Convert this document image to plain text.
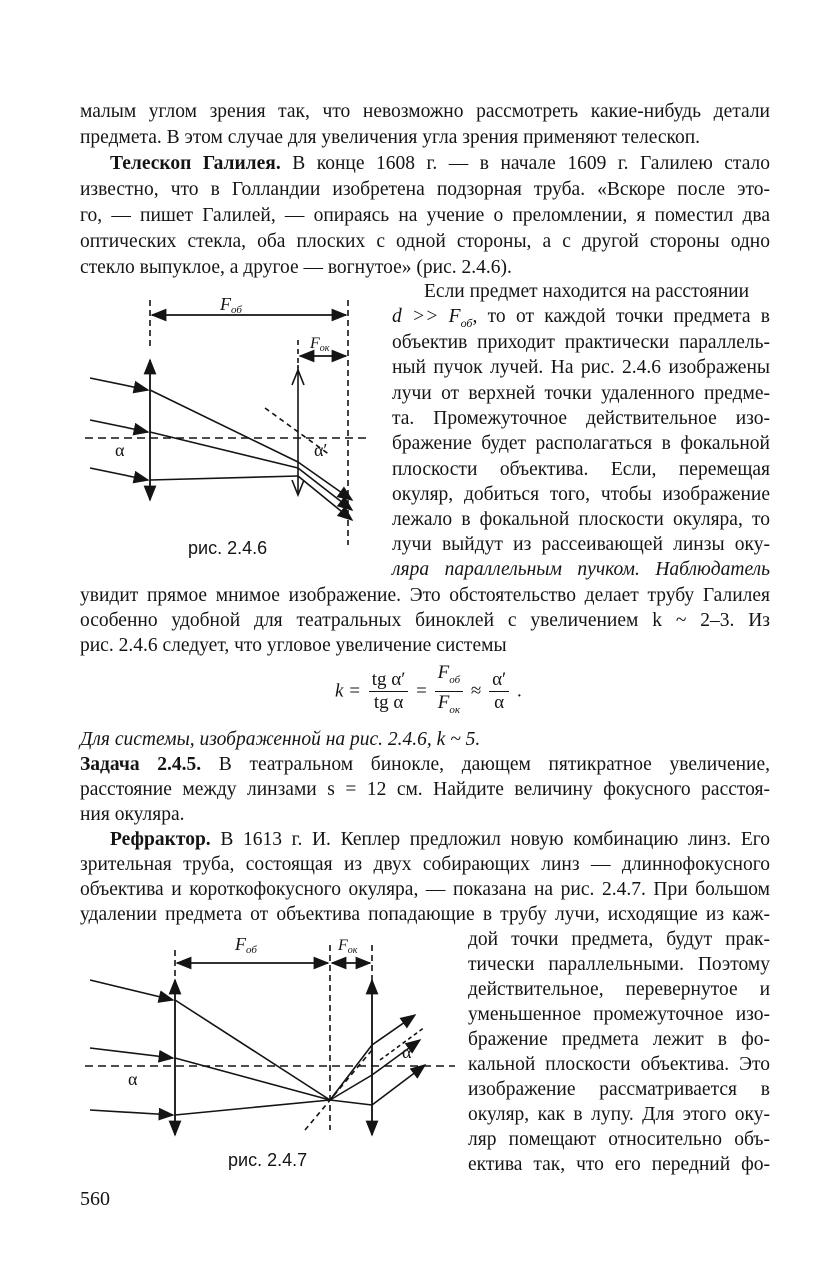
малым углом зрения так, что невозможно рассмотреть какие-нибудь детали
предмета. В этом случае для увеличения угла зрения применяют телескоп.
Телескоп Галилея. В конце 1608 г. — в начале 1609 г. Галилею стало
известно, что в Голландии изобретена подзорная труба. «Вскоре после это-
го, — пишет Галилей, — опираясь на учение о преломлении, я поместил два
оптических стекла, оба плоских с одной стороны, а с другой стороны одно
стекло выпуклое, а другое — вогнутое» (рис. 2.4.6).
Если предмет находится на расстоянии
$d >> F_{об}$, то от каждой точки предмета в
объектив приходит практически параллель-
ный пучок лучей. На рис. 2.4.6 изображены
лучи от верхней точки удаленного предме-
та. Промежуточное действительное изо-
бражение будет располагаться в фокальной
плоскости объектива. Если, перемещая
окуляр, добиться того, чтобы изображение
лежало в фокальной плоскости окуляра, то
лучи выйдут из рассеивающей линзы оку-
ляра параллельным пучком. Наблюдатель
Fоб
Fок
α	α′
рис. 2.4.6
увидит прямое мнимое изображение. Это обстоятельство делает трубу Галилея
особенно удобной для театральных биноклей с увеличением k ~ 2–3. Из
рис. 2.4.6 следует, что угловое увеличение системы
$k = \frac{\text{tg α′}}{\text{tg α}} = \frac{F_{об}}{F_{ок}} \approx \frac{\alpha'}{\alpha}$ .
Для системы, изображенной на рис. 2.4.6, k ~ 5.
Задача 2.4.5. В театральном бинокле, дающем пятикратное увеличение,
расстояние между линзами s = 12 см. Найдите величину фокусного расстоя-
ния окуляра.
Рефрактор. В 1613 г. И. Кеплер предложил новую комбинацию линз. Его
зрительная труба, состоящая из двух собирающих линз — длиннофокусного
объектива и короткофокусного окуляра, — показана на рис. 2.4.7. При большом
удалении предмета от объектива попадающие в трубу лучи, исходящие из каж-
дой точки предмета, будут прак-
тически параллельными. Поэтому
действительное, перевернутое и
уменьшенное промежуточное изо-
бражение предмета лежит в фо-
кальной плоскости объектива. Это
изображение рассматривается в
окуляр, как в лупу. Для этого оку-
ляр помещают относительно объ-
ектива так, что его передний фо-
Fоб	Fок
α
α′
рис. 2.4.7
560
